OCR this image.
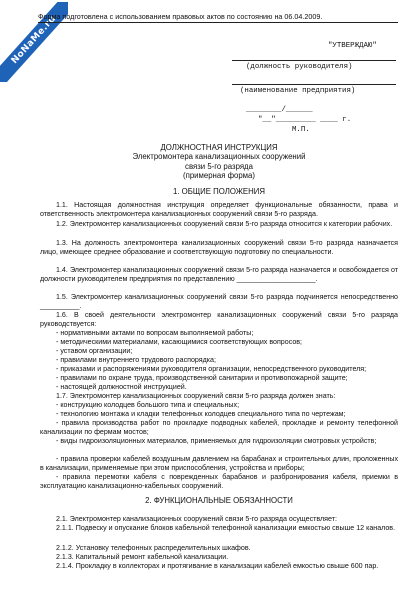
NoNaMe.ru
Форма подготовлена с использованием правовых актов по состоянию на 06.04.2009.
"УТВЕРЖДАЮ"
(должность руководителя)
(наименование предприятия)
________/______
"__"_________ ____ г.
М.П.
ДОЛЖНОСТНАЯ ИНСТРУКЦИЯ
Электромонтера канализационных сооружений
связи 5-го разряда
(примерная форма)
1. ОБЩИЕ ПОЛОЖЕНИЯ

1.1. Настоящая должностная инструкция определяет функциональные обязанности, права и ответственность электромонтера канализационных сооружений связи 5-го разряда.

1.2. Электромонтер канализационных сооружений связи 5-го разряда относится к категории рабочих.

1.3. На должность электромонтера канализационных сооружений связи 5-го разряда назначается лицо, имеющее среднее образование и соответствующую подготовку по специальности.

1.4. Электромонтер канализационных сооружений связи 5-го разряда назначается и освобождается от должности руководителем предприятия по представлению ____________________.

1.5. Электромонтер канализационных сооружений связи 5-го разряда подчиняется непосредственно __________.

1.6. В своей деятельности электромонтер канализационных сооружений связи 5-го разряда руководствуется:

- нормативными актами по вопросам выполняемой работы;

- методическими материалами, касающимися соответствующих вопросов;

- уставом организации;

- правилами внутреннего трудового распорядка;

- приказами и распоряжениями руководителя организации, непосредственного руководителя;

- правилами по охране труда, производственной санитарии и противопожарной защите;

- настоящей должностной инструкцией.

1.7. Электромонтер канализационных сооружений связи 5-го разряда должен знать:

- конструкцию колодцев большого типа и специальных;

- технологию монтажа и кладки телефонных колодцев специального типа по чертежам;

- правила производства работ по прокладке подводных кабелей, прокладке и ремонту телефонной канализации по фермам мостов;

- виды гидроизоляционных материалов, применяемых для гидроизоляции смотровых устройств;

- правила проверки кабелей воздушным давлением на барабанах и строительных длин, проложенных в канализации, применяемые при этом приспособления, устройства и приборы;

- правила перемотки кабеля с поврежденных барабанов и разбронирования кабеля, приемки в эксплуатацию канализационно-кабельных сооружений.

2. ФУНКЦИОНАЛЬНЫЕ ОБЯЗАННОСТИ

2.1. Электромонтер канализационных сооружений связи 5-го разряда осуществляет:

2.1.1. Подвеску и опускание блоков кабельной телефонной канализации емкостью свыше 12 каналов.

2.1.2. Установку телефонных распределительных шкафов.

2.1.3. Капитальный ремонт кабельной канализации.

2.1.4. Прокладку в коллекторах и протягивание в канализации кабелей емкостью свыше 600 пар.
